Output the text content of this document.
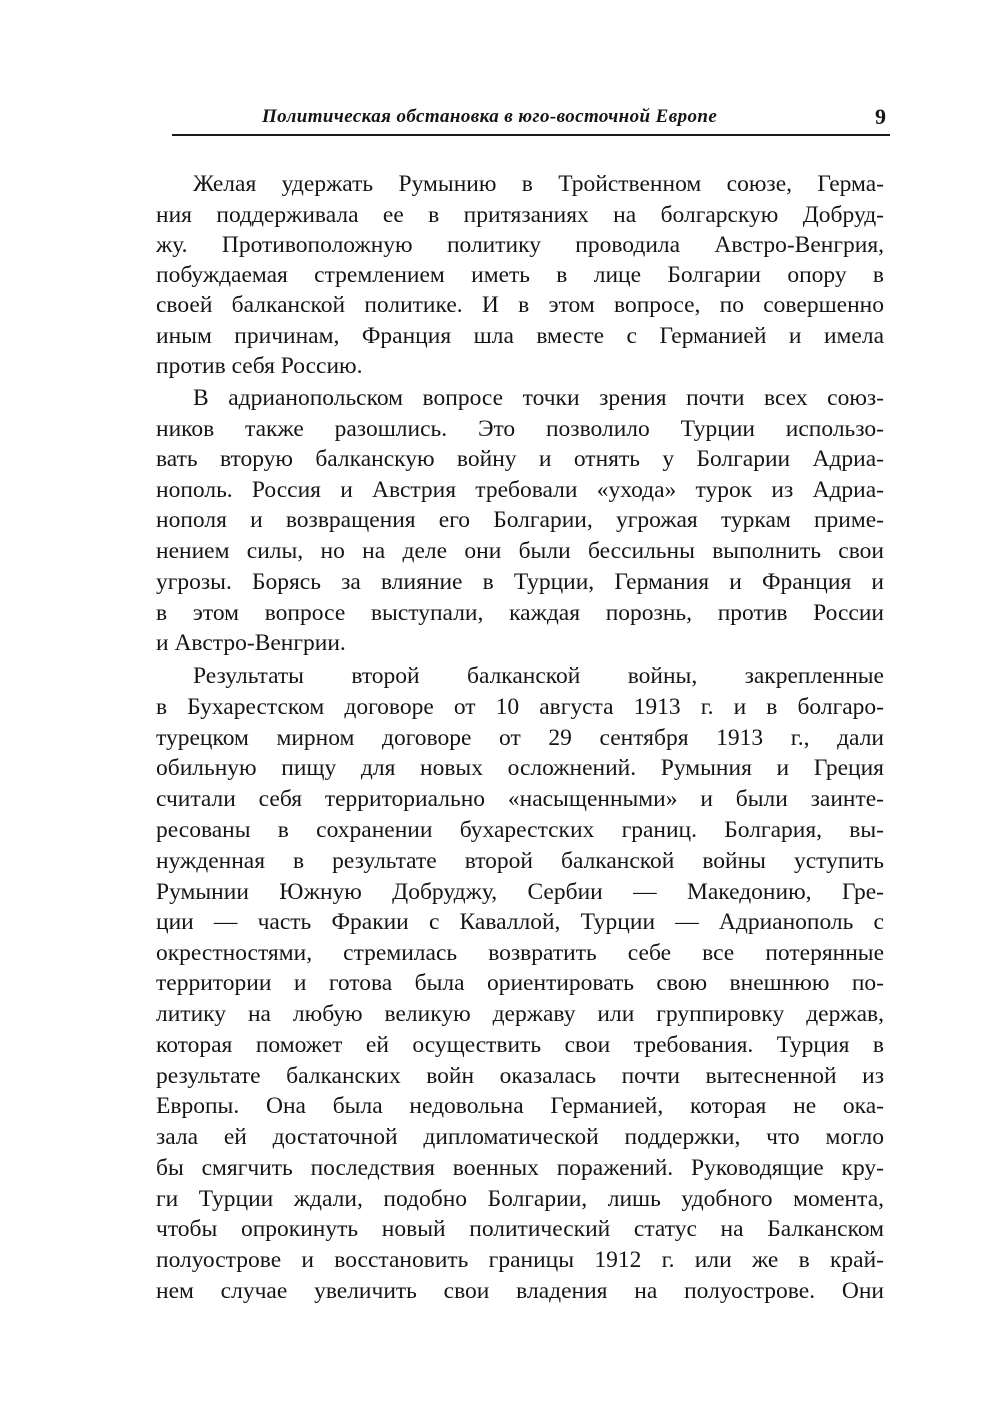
Политическая обстановка в юго-восточной Европе	9
Желая удержать Румынию в Тройственном союзе, Герма-
ния поддерживала ее в притязаниях на болгарскую Добруд-
жу. Противоположную политику проводила Австро-Венгрия,
побуждаемая стремлением иметь в лице Болгарии опору в
своей балканской политике. И в этом вопросе, по совершенно
иным причинам, Франция шла вместе с Германией и имела
против себя Россию.
В адрианопольском вопросе точки зрения почти всех союз-
ников также разошлись. Это позволило Турции использо-
вать вторую балканскую войну и отнять у Болгарии Адриа-
нополь. Россия и Австрия требовали «ухода» турок из Адриа-
нополя и возвращения его Болгарии, угрожая туркам приме-
нением силы, но на деле они были бессильны выполнить свои
угрозы. Борясь за влияние в Турции, Германия и Франция и
в этом вопросе выступали, каждая порознь, против России
и Австро-Венгрии.
Результаты второй балканской войны, закрепленные
в Бухарестском договоре от 10 августа 1913 г. и в болгаро-
турецком мирном договоре от 29 сентября 1913 г., дали
обильную пищу для новых осложнений. Румыния и Греция
считали себя территориально «насыщенными» и были заинте-
ресованы в сохранении бухарестских границ. Болгария, вы-
нужденная в результате второй балканской войны уступить
Румынии Южную Добруджу, Сербии — Македонию, Гре-
ции — часть Фракии с Каваллой, Турции — Адрианополь с
окрестностями, стремилась возвратить себе все потерянные
территории и готова была ориентировать свою внешнюю по-
литику на любую великую державу или группировку держав,
которая поможет ей осуществить свои требования. Турция в
результате балканских войн оказалась почти вытесненной из
Европы. Она была недовольна Германией, которая не ока-
зала ей достаточной дипломатической поддержки, что могло
бы смягчить последствия военных поражений. Руководящие кру-
ги Турции ждали, подобно Болгарии, лишь удобного момента,
чтобы опрокинуть новый политический статус на Балканском
полуострове и восстановить границы 1912 г. или же в край-
нем случае увеличить свои владения на полуострове. Они
